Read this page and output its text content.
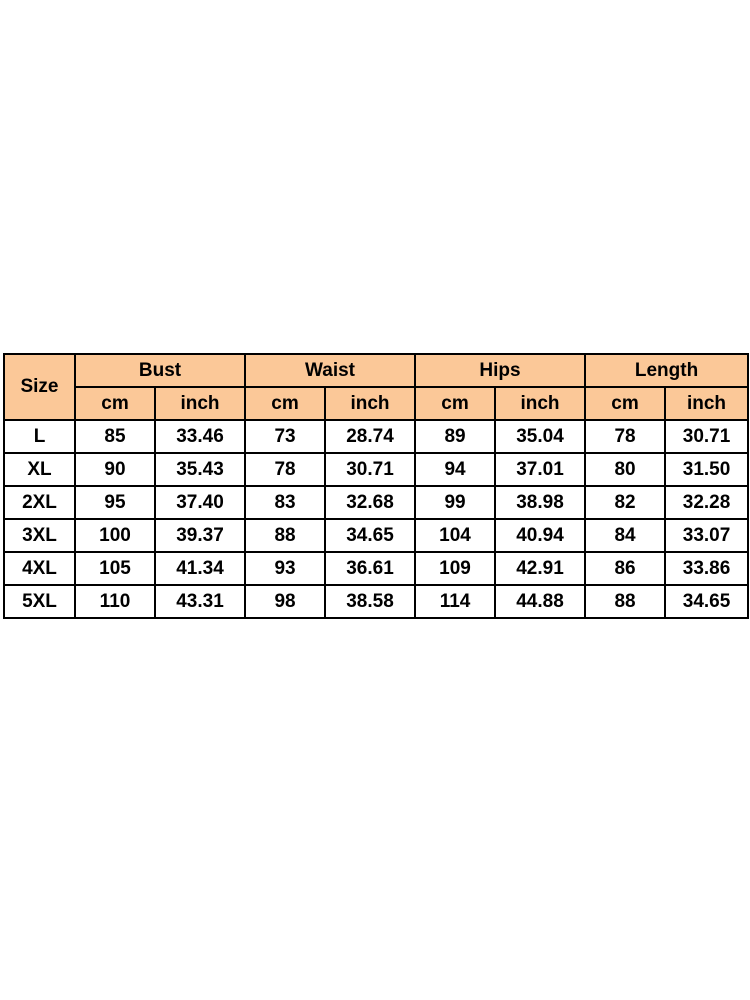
Size	Bust		Waist		Hips		Length	
	cm	inch	cm	inch	cm	inch	cm	inch
L	85	33.46	73	28.74	89	35.04	78	30.71
XL	90	35.43	78	30.71	94	37.01	80	31.50
2XL	95	37.40	83	32.68	99	38.98	82	32.28
3XL	100	39.37	88	34.65	104	40.94	84	33.07
4XL	105	41.34	93	36.61	109	42.91	86	33.86
5XL	110	43.31	98	38.58	114	44.88	88	34.65
